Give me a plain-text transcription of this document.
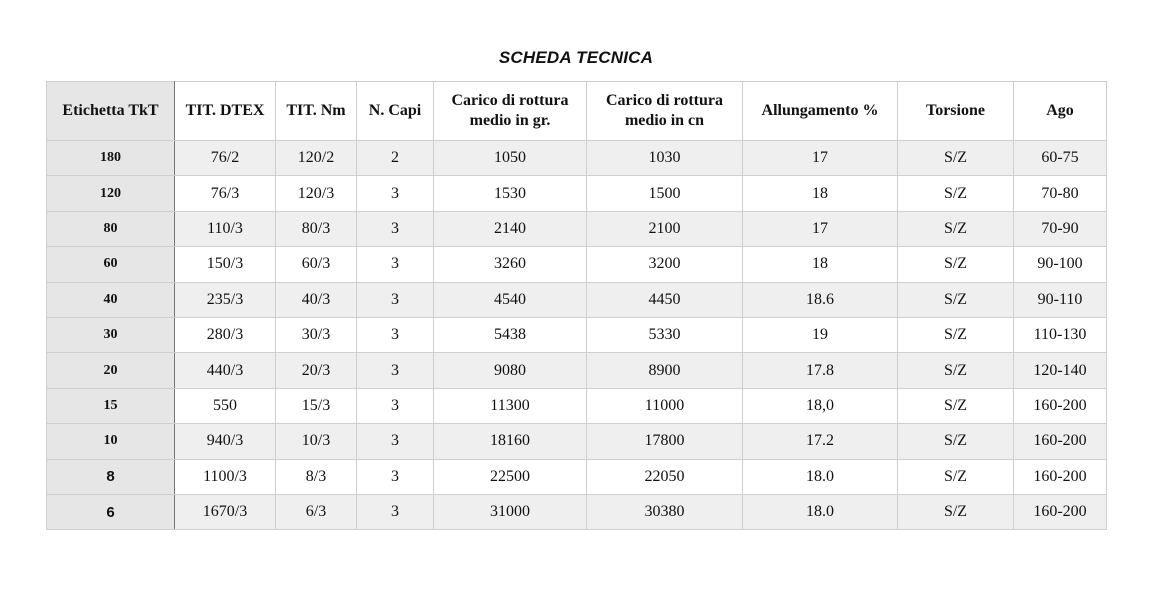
SCHEDA TECNICA
Etichetta TkT	TIT. DTEX	TIT. Nm	N. Capi	Carico di rottura medio in gr.	Carico di rottura medio in cn	Allungamento %	Torsione	Ago
180	76/2	120/2	2	1050	1030	17	S/Z	60-75
120	76/3	120/3	3	1530	1500	18	S/Z	70-80
80	110/3	80/3	3	2140	2100	17	S/Z	70-90
60	150/3	60/3	3	3260	3200	18	S/Z	90-100
40	235/3	40/3	3	4540	4450	18.6	S/Z	90-110
30	280/3	30/3	3	5438	5330	19	S/Z	110-130
20	440/3	20/3	3	9080	8900	17.8	S/Z	120-140
15	550	15/3	3	11300	11000	18,0	S/Z	160-200
10	940/3	10/3	3	18160	17800	17.2	S/Z	160-200
8	1100/3	8/3	3	22500	22050	18.0	S/Z	160-200
6	1670/3	6/3	3	31000	30380	18.0	S/Z	160-200
